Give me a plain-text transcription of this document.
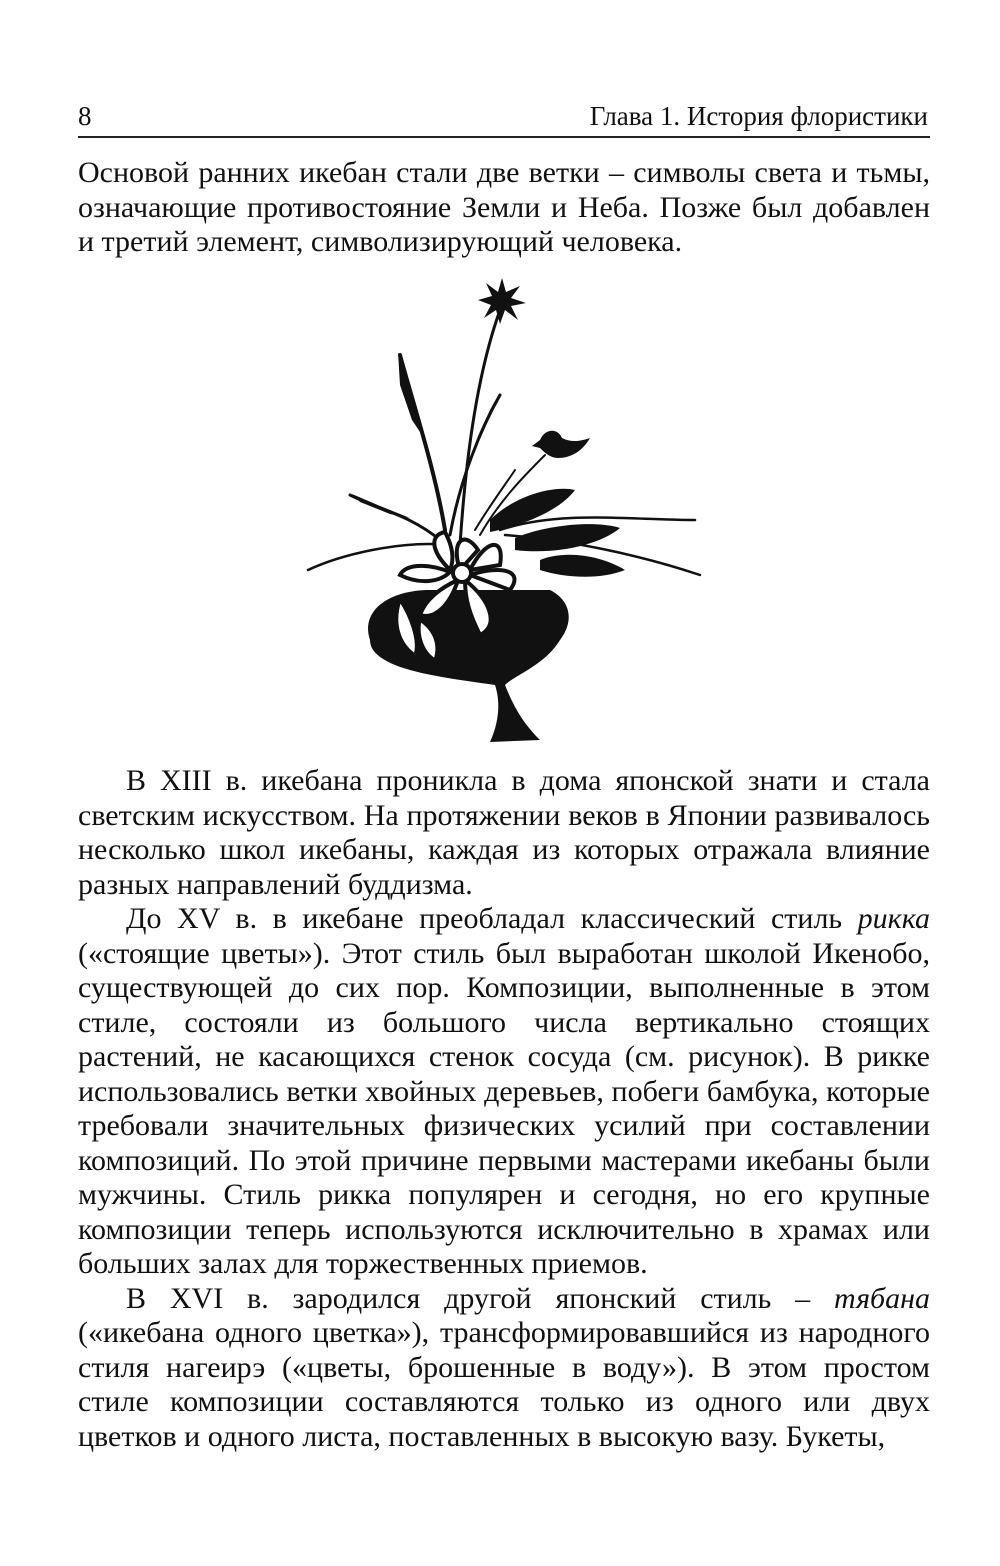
8	Глава 1. История флористики

Основой ранних икебан стали две ветки – символы света и тьмы, означающие противостояние Земли и Неба. Позже был добавлен и третий элемент, символизирующий человека.

В XIII в. икебана проникла в дома японской знати и стала светским искусством. На протяжении веков в Японии развивалось несколько школ икебаны, каждая из которых отражала влияние разных направлений буддизма.

До XV в. в икебане преобладал классический стиль рикка («стоящие цветы»). Этот стиль был выработан школой Икенобо, существующей до сих пор. Композиции, выполненные в этом стиле, состояли из большого числа вертикально стоящих растений, не касающихся стенок сосуда (см. рисунок). В рикке использовались ветки хвойных деревьев, побеги бамбука, которые требовали значительных физических усилий при составлении композиций. По этой причине первыми мастерами икебаны были мужчины. Стиль рикка популярен и сегодня, но его крупные композиции теперь используются исключительно в храмах или больших залах для торжественных приемов.

В XVI в. зародился другой японский стиль – тябана («икебана одного цветка»), трансформировавшийся из народного стиля нагеирэ («цветы, брошенные в воду»). В этом простом стиле композиции составляются только из одного или двух цветков и одного листа, поставленных в высокую вазу. Букеты,
